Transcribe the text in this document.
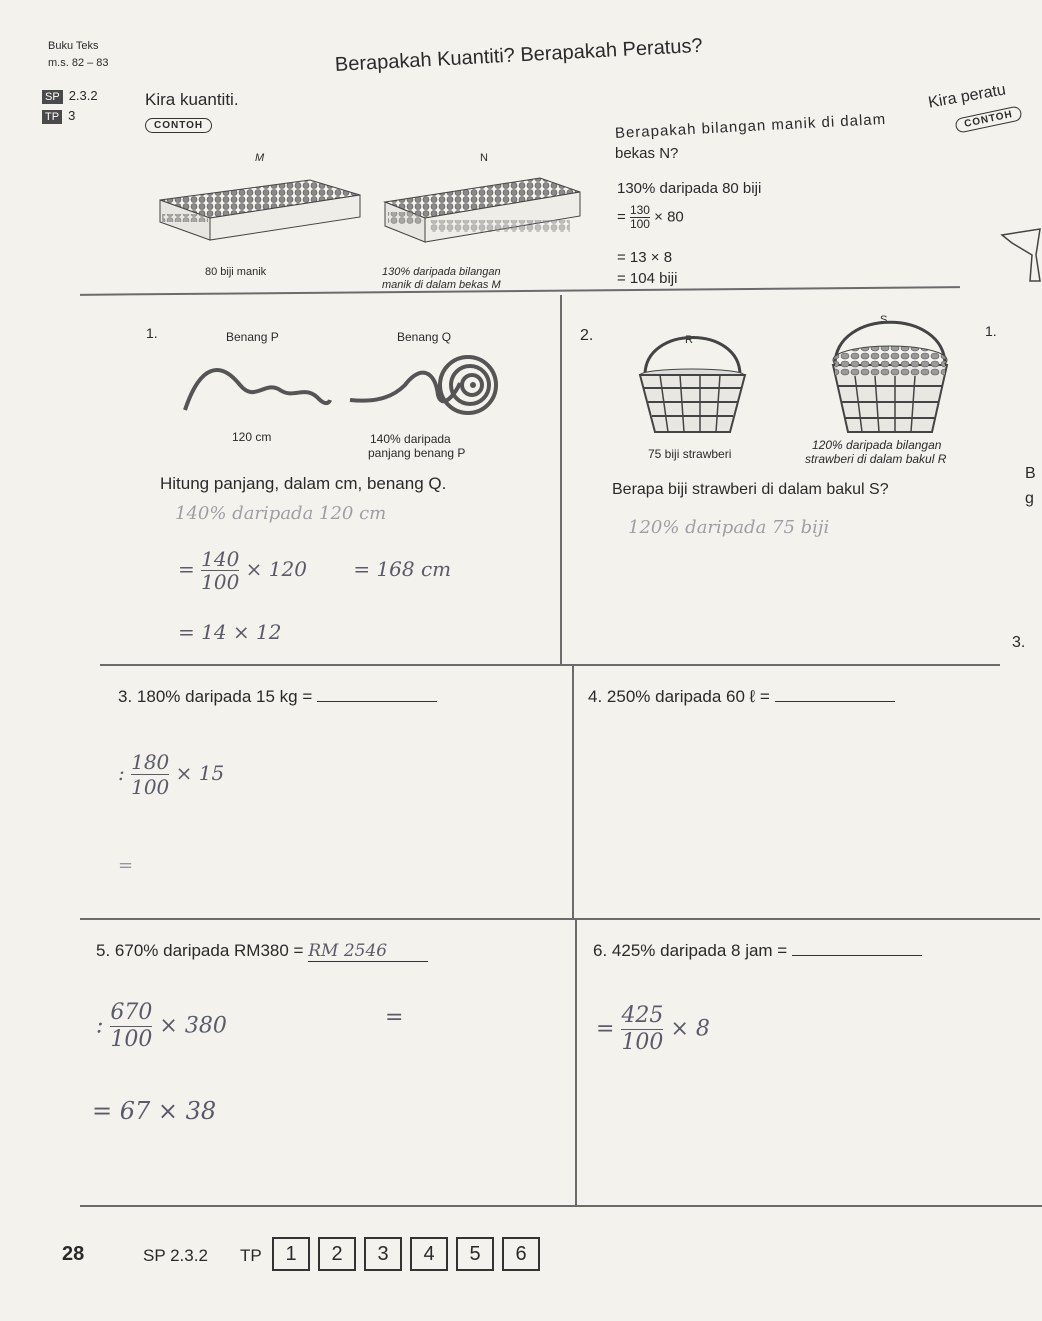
Buku Teks
m.s. 82 – 83	Berapakah Kuantiti? Berapakah Peratus?
SP 2.3.2
TP 3
Kira kuantiti.
CONTOH
Kira peratu
CONTOH
M	N
80 biji manik	130% daripada bilangan
manik di dalam bekas M
Berapakah bilangan manik di dalam
bekas N?
130% daripada 80 biji
= $\frac{130}{100} \times 80$
= 13 × 8
= 104 biji
1.
B
g
3.
1.	Benang P	Benang Q
120 cm	140% daripada
panjang benang P
Hitung panjang, dalam cm, benang Q.
140% daripada 120 cm
= $\frac{140}{100} \times 120 = 168$ cm
= 14 × 12
2.	R
S
75 biji strawberi
120% daripada bilangan
strawberi di dalam bakul R
Berapa biji strawberi di dalam bakul S?
120% daripada 75 biji
3. 180% daripada 15 kg =
: $\frac{180}{100} \times 15$
=
4. 250% daripada 60 ℓ =
5. 670% daripada RM380 = RM 2546
: $\frac{670}{100} \times 380$	=
= 67 × 38
6. 425% daripada 8 jam =
= $\frac{425}{100} \times 8$
28	SP 2.3.2 TP	1 2 3 4 5 6
